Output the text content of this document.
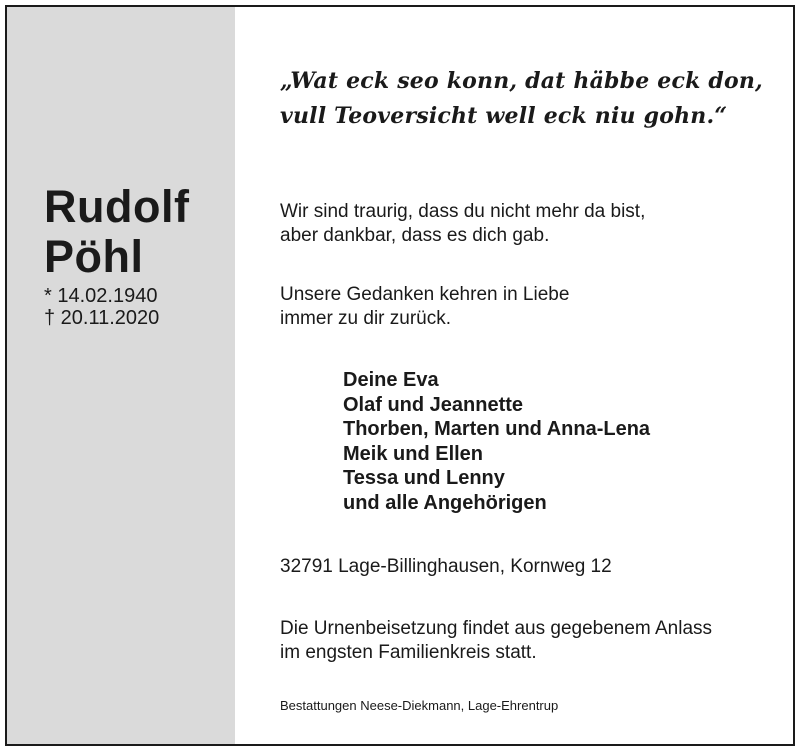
Rudolf
Pöhl
* 14.02.1940
† 20.11.2020
„Wat eck seo konn, dat häbbe eck don,
vull Teoversicht well eck niu gohn.“
Wir sind traurig, dass du nicht mehr da bist,
aber dankbar, dass es dich gab.
Unsere Gedanken kehren in Liebe
immer zu dir zurück.
Deine Eva
Olaf und Jeannette
Thorben, Marten und Anna-Lena
Meik und Ellen
Tessa und Lenny
und alle Angehörigen
32791 Lage-Billinghausen, Kornweg 12
Die Urnenbeisetzung findet aus gegebenem Anlass
im engsten Familienkreis statt.
Bestattungen Neese-Diekmann, Lage-Ehrentrup
